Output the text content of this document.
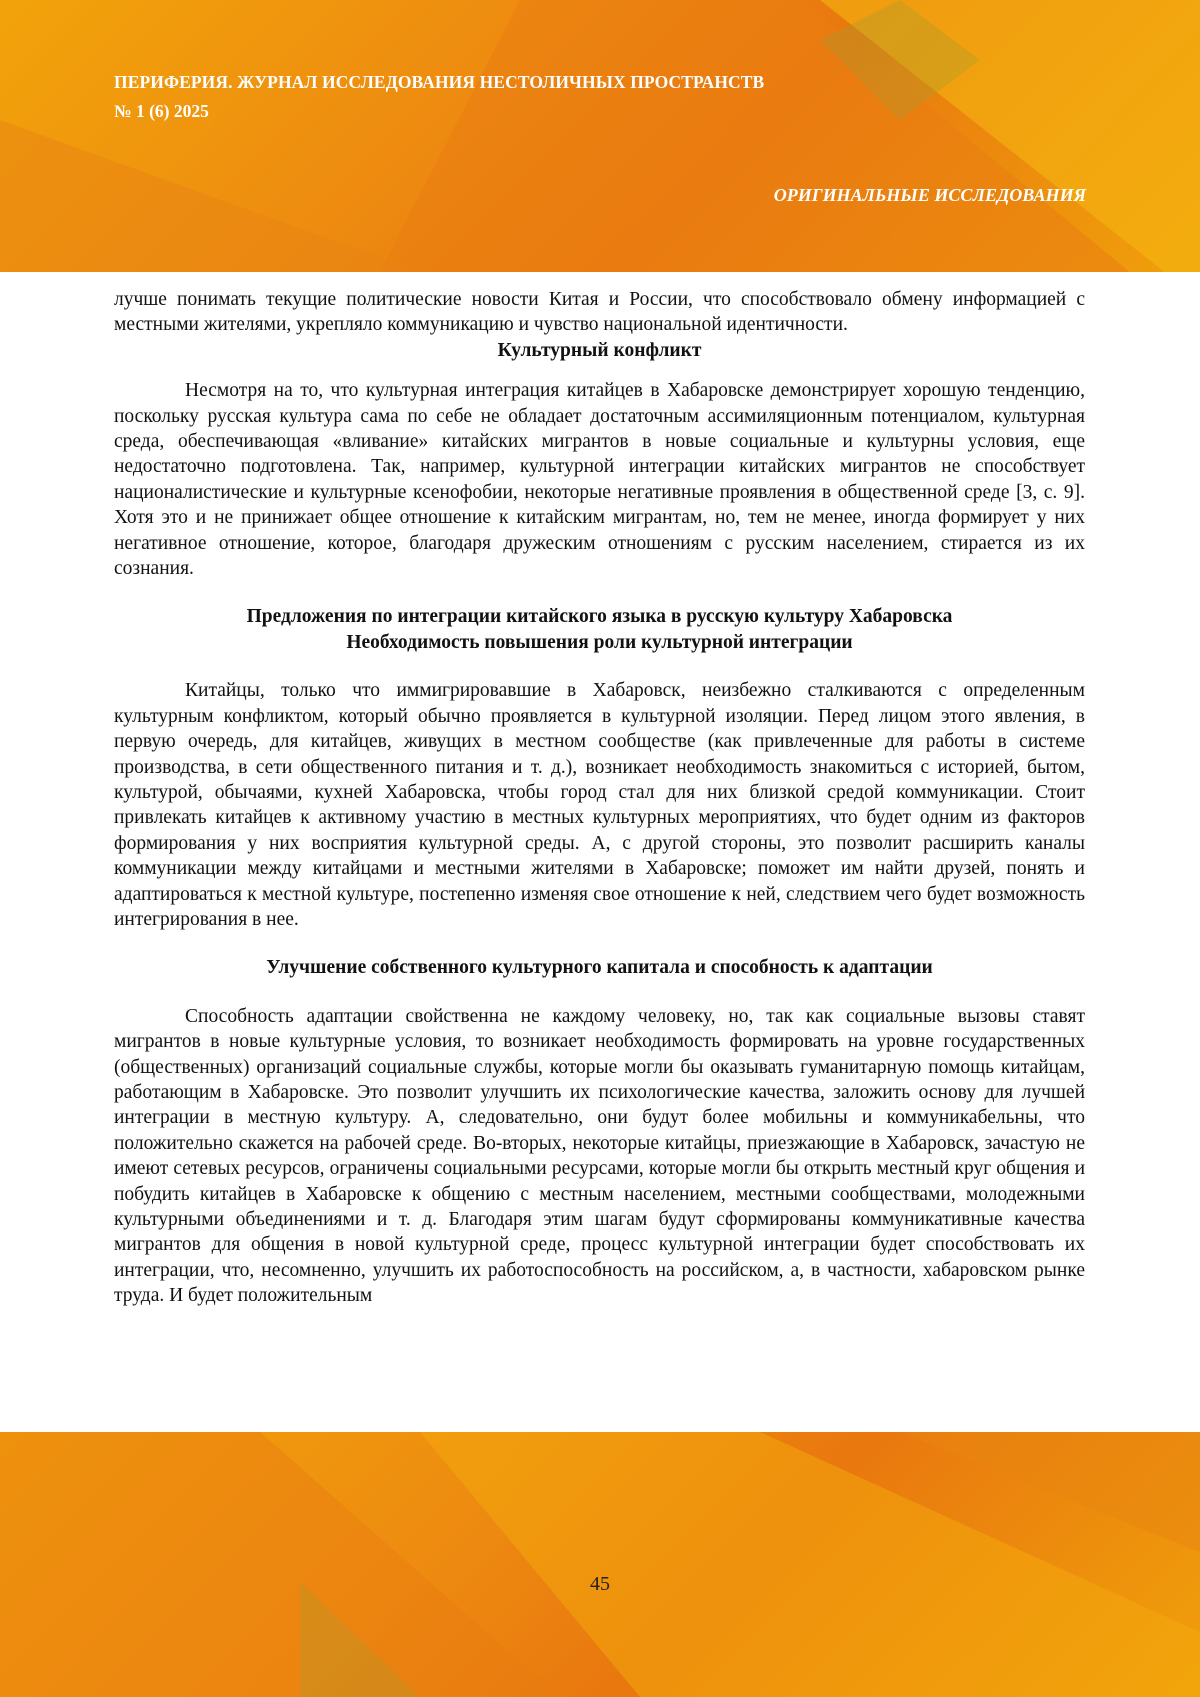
ПЕРИФЕРИЯ. ЖУРНАЛ ИССЛЕДОВАНИЯ НЕСТОЛИЧНЫХ ПРОСТРАНСТВ
№ 1 (6) 2025
ОРИГИНАЛЬНЫЕ ИССЛЕДОВАНИЯ

лучше понимать текущие политические новости Китая и России, что способствовало обмену информацией с местными жителями, укрепляло коммуникацию и чувство национальной идентичности.

Культурный конфликт

Несмотря на то, что культурная интеграция китайцев в Хабаровске демонстрирует хорошую тенденцию, поскольку русская культура сама по себе не обладает достаточным ассимиляционным потенциалом, культурная среда, обеспечивающая «вливание» китайских мигрантов в новые социальные и культурны условия, еще недостаточно подготовлена. Так, например, культурной интеграции китайских мигрантов не способствует националистические и культурные ксенофобии, некоторые негативные проявления в общественной среде [3, с. 9]. Хотя это и не принижает общее отношение к китайским мигрантам, но, тем не менее, иногда формирует у них негативное отношение, которое, благодаря дружеским отношениям с русским населением, стирается из их сознания.

Предложения по интеграции китайского языка в русскую культуру Хабаровска
Необходимость повышения роли культурной интеграции

Китайцы, только что иммигрировавшие в Хабаровск, неизбежно сталкиваются с определенным культурным конфликтом, который обычно проявляется в культурной изоляции. Перед лицом этого явления, в первую очередь, для китайцев, живущих в местном сообществе (как привлеченные для работы в системе производства, в сети общественного питания и т. д.), возникает необходимость знакомиться с историей, бытом, культурой, обычаями, кухней Хабаровска, чтобы город стал для них близкой средой коммуникации. Стоит привлекать китайцев к активному участию в местных культурных мероприятиях, что будет одним из факторов формирования у них восприятия культурной среды. А, с другой стороны, это позволит расширить каналы коммуникации между китайцами и местными жителями в Хабаровске; поможет им найти друзей, понять и адаптироваться к местной культуре, постепенно изменяя свое отношение к ней, следствием чего будет возможность интегрирования в нее.

Улучшение собственного культурного капитала и способность к адаптации

Способность адаптации свойственна не каждому человеку, но, так как социальные вызовы ставят мигрантов в новые культурные условия, то возникает необходимость формировать на уровне государственных (общественных) организаций социальные службы, которые могли бы оказывать гуманитарную помощь китайцам, работающим в Хабаровске. Это позволит улучшить их психологические качества, заложить основу для лучшей интеграции в местную культуру. А, следовательно, они будут более мобильны и коммуникабельны, что положительно скажется на рабочей среде. Во-вторых, некоторые китайцы, приезжающие в Хабаровск, зачастую не имеют сетевых ресурсов, ограничены социальными ресурсами, которые могли бы открыть местный круг общения и побудить китайцев в Хабаровске к общению с местным населением, местными сообществами, молодежными культурными объединениями и т. д. Благодаря этим шагам будут сформированы коммуникативные качества мигрантов для общения в новой культурной среде, процесс культурной интеграции будет способствовать их интеграции, что, несомненно, улучшить их работоспособность на российском, а, в частности, хабаровском рынке труда. И будет положительным

45
